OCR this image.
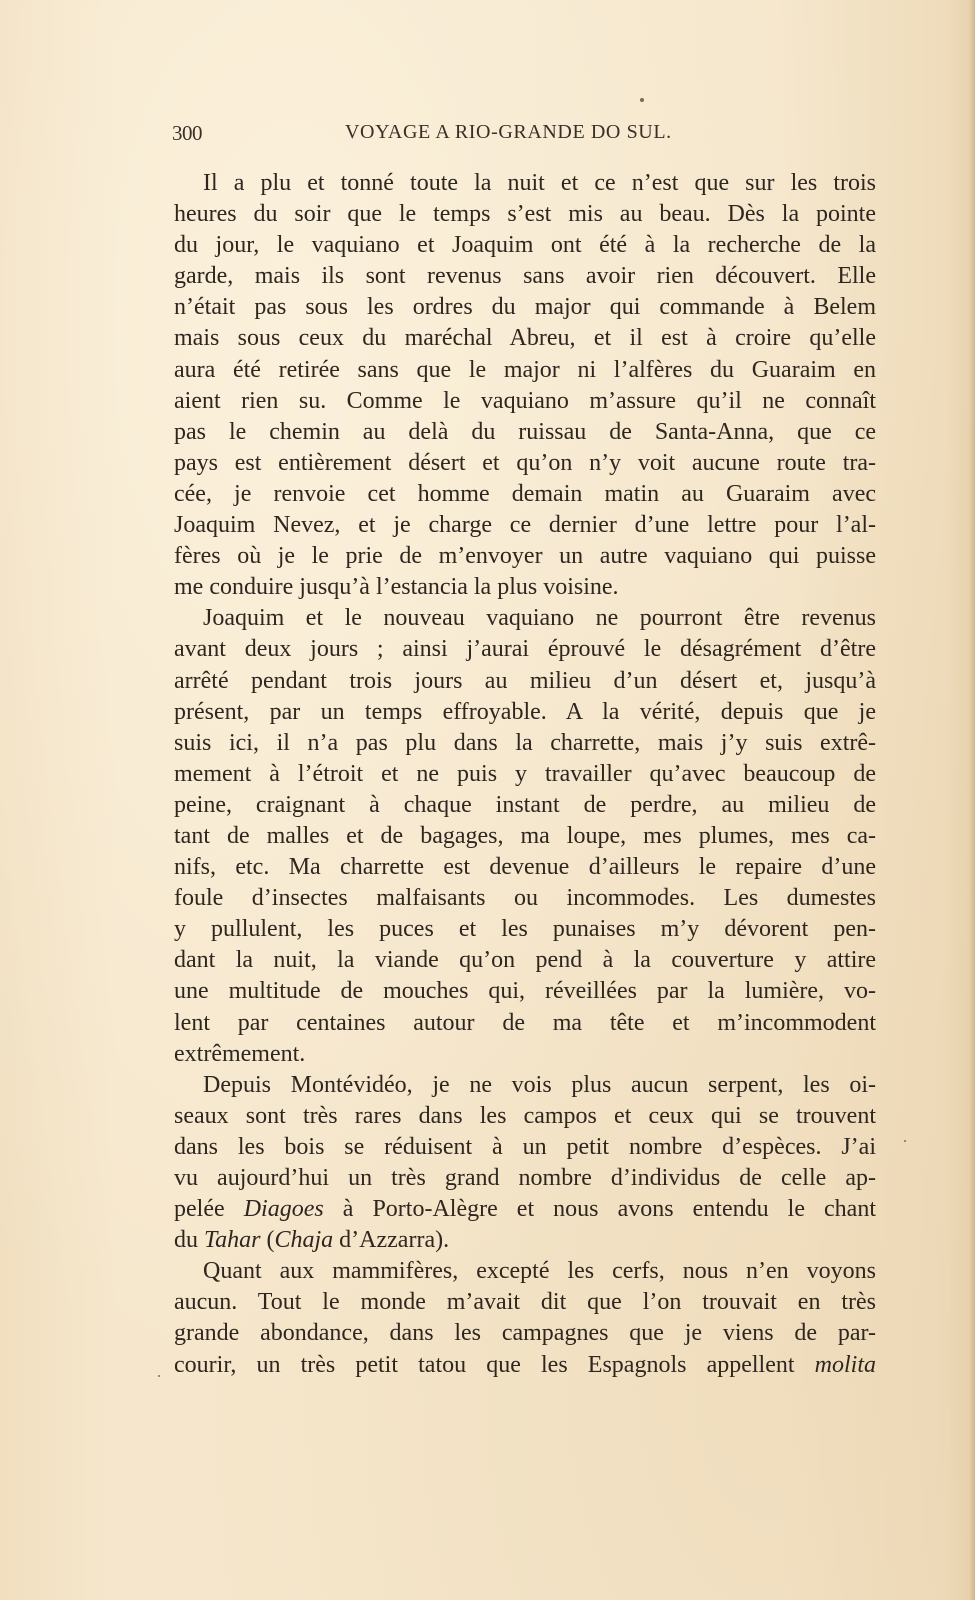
300	VOYAGE A RIO-GRANDE DO SUL.
Il a plu et tonné toute la nuit et ce n’est que sur les trois
heures du soir que le temps s’est mis au beau. Dès la pointe
du jour, le vaquiano et Joaquim ont été à la recherche de la
garde, mais ils sont revenus sans avoir rien découvert. Elle
n’était pas sous les ordres du major qui commande à Belem
mais sous ceux du maréchal Abreu, et il est à croire qu’elle
aura été retirée sans que le major ni l’alfères du Guaraim en
aient rien su. Comme le vaquiano m’assure qu’il ne connaît
pas le chemin au delà du ruissau de Santa-Anna, que ce
pays est entièrement désert et qu’on n’y voit aucune route tra-
cée, je renvoie cet homme demain matin au Guaraim avec
Joaquim Nevez, et je charge ce dernier d’une lettre pour l’al-
fères où je le prie de m’envoyer un autre vaquiano qui puisse
me conduire jusqu’à l’estancia la plus voisine.
Joaquim et le nouveau vaquiano ne pourront être revenus
avant deux jours ; ainsi j’aurai éprouvé le désagrément d’être
arrêté pendant trois jours au milieu d’un désert et, jusqu’à
présent, par un temps effroyable. A la vérité, depuis que je
suis ici, il n’a pas plu dans la charrette, mais j’y suis extrê-
mement à l’étroit et ne puis y travailler qu’avec beaucoup de
peine, craignant à chaque instant de perdre, au milieu de
tant de malles et de bagages, ma loupe, mes plumes, mes ca-
nifs, etc. Ma charrette est devenue d’ailleurs le repaire d’une
foule d’insectes malfaisants ou incommodes. Les dumestes
y pullulent, les puces et les punaises m’y dévorent pen-
dant la nuit, la viande qu’on pend à la couverture y attire
une multitude de mouches qui, réveillées par la lumière, vo-
lent par centaines autour de ma tête et m’incommodent
extrêmement.
Depuis Montévidéo, je ne vois plus aucun serpent, les oi-
seaux sont très rares dans les campos et ceux qui se trouvent
dans les bois se réduisent à un petit nombre d’espèces. J’ai
vu aujourd’hui un très grand nombre d’individus de celle ap-
pelée Diagoes à Porto-Alègre et nous avons entendu le chant
du Tahar (Chaja d’Azzarra).
Quant aux mammifères, excepté les cerfs, nous n’en voyons
aucun. Tout le monde m’avait dit que l’on trouvait en très
grande abondance, dans les campagnes que je viens de par-
courir, un très petit tatou que les Espagnols appellent molita
